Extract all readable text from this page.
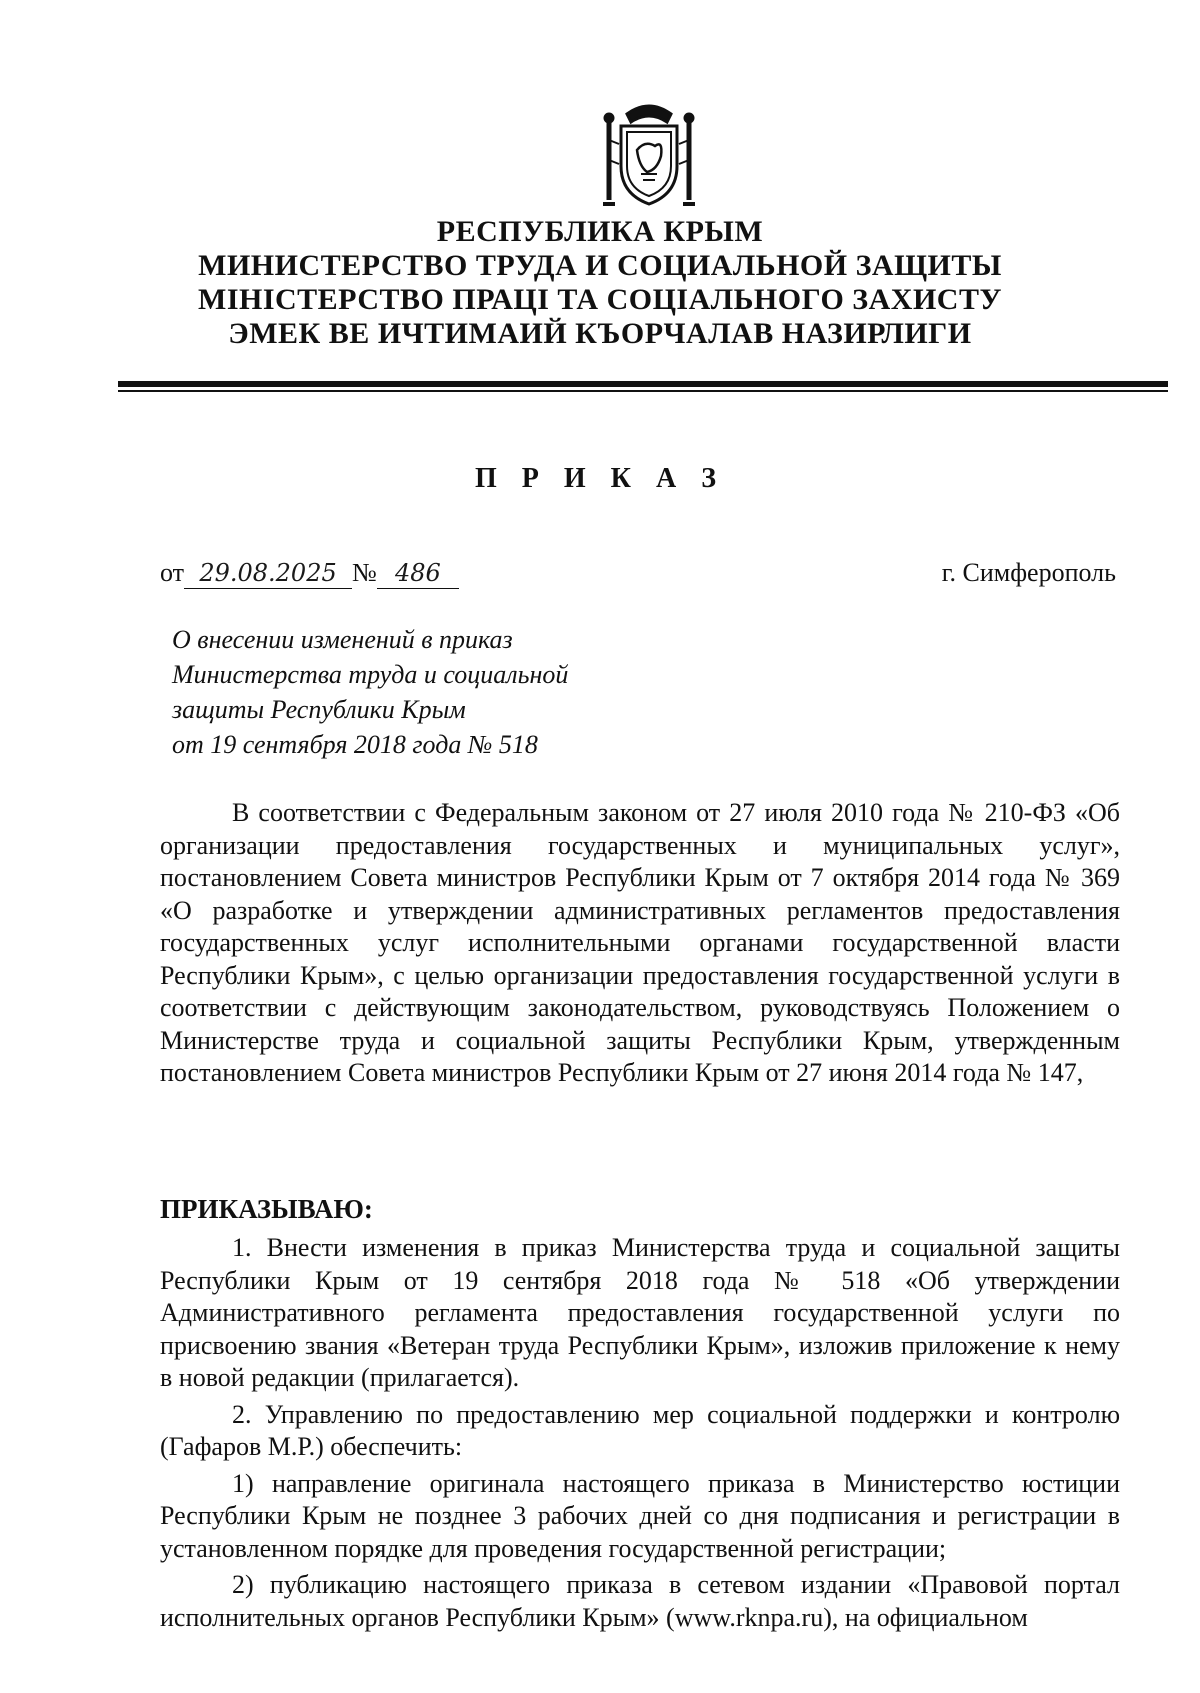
РЕСПУБЛИКА КРЫМ
МИНИСТЕРСТВО ТРУДА И СОЦИАЛЬНОЙ ЗАЩИТЫ
МІНІСТЕРСТВО ПРАЦІ ТА СОЦІАЛЬНОГО ЗАХИСТУ
ЭМЕК ВЕ ИЧТИМАИЙ КЪОРЧАЛАВ НАЗИРЛИГИ
П Р И К А З
от 29.08.2025 № 486	г. Симферополь
О внесении изменений в приказ
Министерства труда и социальной
защиты Республики Крым
от 19 сентября 2018 года № 518

В соответствии с Федеральным законом от 27 июля 2010 года № 210-ФЗ «Об организации предоставления государственных и муниципальных услуг», постановлением Совета министров Республики Крым от 7 октября 2014 года № 369 «О разработке и утверждении административных регламентов предоставления государственных услуг исполнительными органами государственной власти Республики Крым», с целью организации предоставления государственной услуги в соответствии с действующим законодательством, руководствуясь Положением о Министерстве труда и социальной защиты Республики Крым, утвержденным постановлением Совета министров Республики Крым от 27 июня 2014 года № 147,

ПРИКАЗЫВАЮ:

1. Внести изменения в приказ Министерства труда и социальной защиты Республики Крым от 19 сентября 2018 года № 518 «Об утверждении Административного регламента предоставления государственной услуги по присвоению звания «Ветеран труда Республики Крым», изложив приложение к нему в новой редакции (прилагается).

2. Управлению по предоставлению мер социальной поддержки и контролю (Гафаров М.Р.) обеспечить:

1) направление оригинала настоящего приказа в Министерство юстиции Республики Крым не позднее 3 рабочих дней со дня подписания и регистрации в установленном порядке для проведения государственной регистрации;

2) публикацию настоящего приказа в сетевом издании «Правовой портал исполнительных органов Республики Крым» (www.rknpa.ru), на официальном
